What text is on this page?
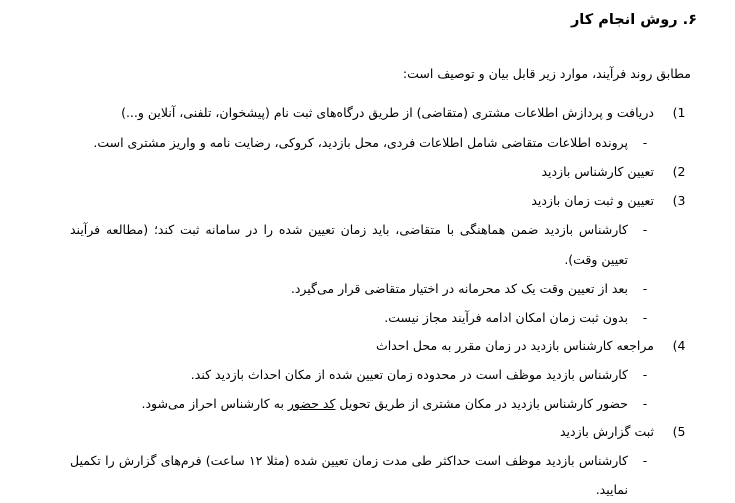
۶. روش انجام کار
مطابق روند فرآیند، موارد زیر قابل بیان و توصیف است:
1)
دریافت و پردازش اطلاعات مشتری (متقاضی) از طریق درگاه‌های ثبت نام (پیشخوان، تلفنی، آنلاین و...)
-
پرونده اطلاعات متقاضی شامل اطلاعات فردی، محل بازدید، کروکی، رضایت نامه و واریز مشتری است.
2)
تعیین کارشناس بازدید
3)
تعیین و ثبت زمان بازدید
-
کارشناس بازدید ضمن هماهنگی با متقاضی، باید زمان تعیین شده را در سامانه ثبت کند؛ (مطالعه فرآیند
تعیین وقت).
-
بعد از تعیین وقت یک کد محرمانه در اختیار متقاضی قرار می‌گیرد.
-
بدون ثبت زمان امکان ادامه فرآیند مجاز نیست.
4)
مراجعه کارشناس بازدید در زمان مقرر به محل احداث
-
کارشناس بازدید موظف است در محدوده زمان تعیین شده از مکان احداث بازدید کند.
-
حضور کارشناس بازدید در مکان مشتری از طریق تحویل کد حضور به کارشناس احراز می‌شود.
5)
ثبت گزارش بازدید
-
کارشناس بازدید موظف است حداکثر طی مدت زمان تعیین شده (مثلا ۱۲ ساعت) فرم‌های گزارش را تکمیل
نمایید.
